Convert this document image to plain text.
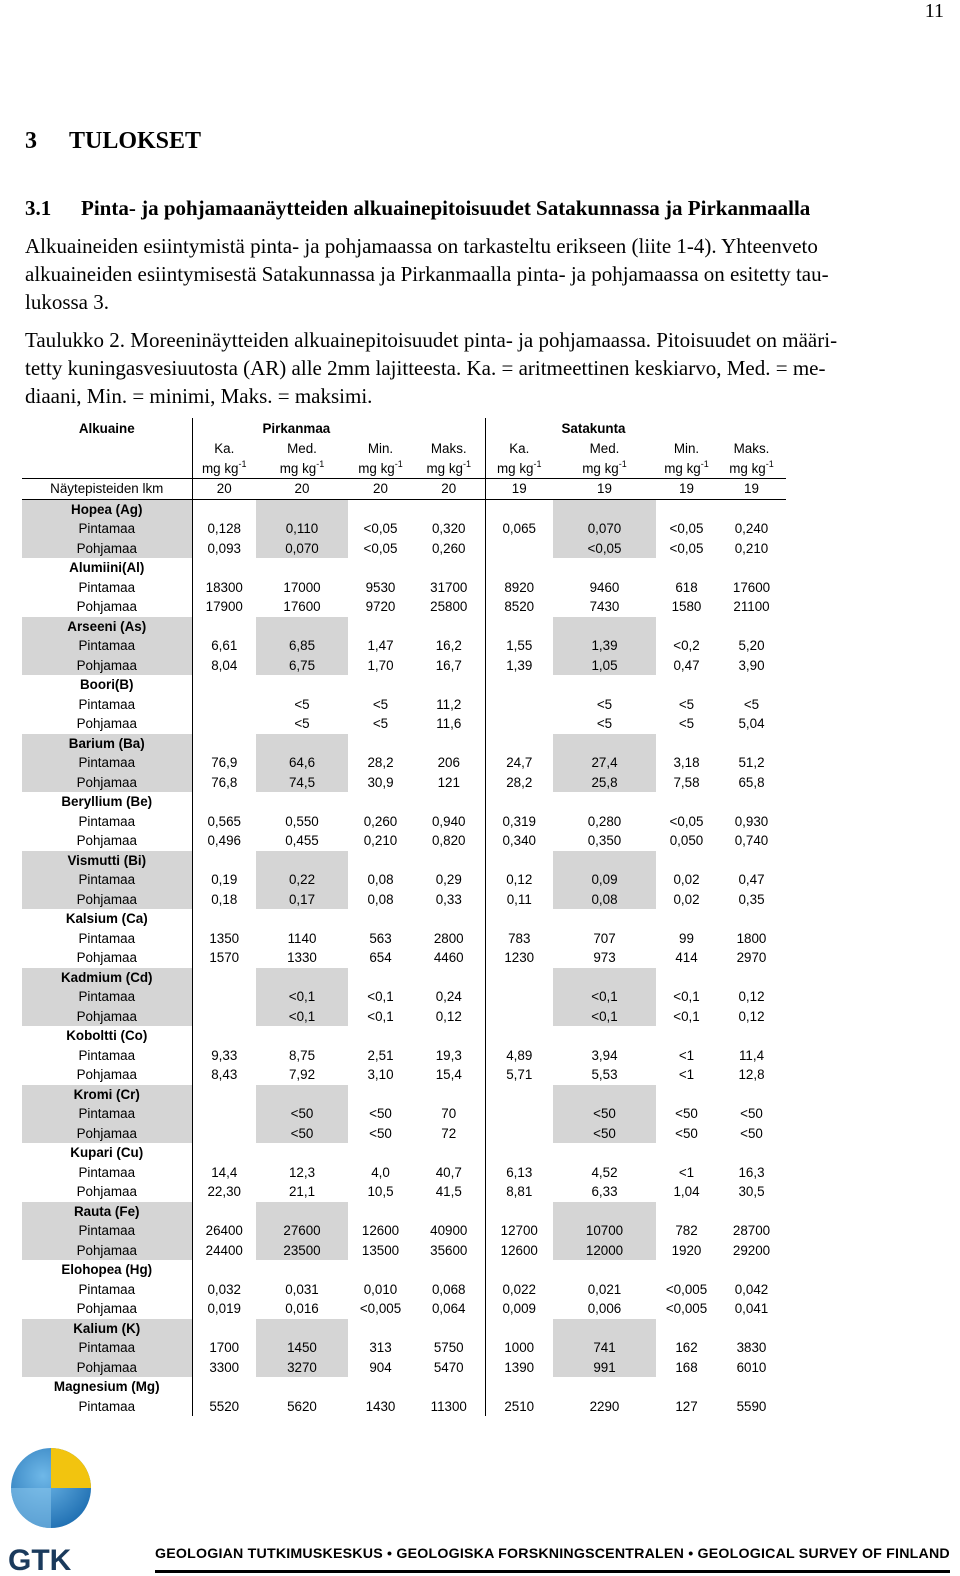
11
3 TULOKSET
3.1 Pinta- ja pohjamaanäytteiden alkuainepitoisuudet Satakunnassa ja Pirkanmaalla
Alkuaineiden esiintymistä pinta- ja pohjamaassa on tarkasteltu erikseen (liite 1-4). Yhteenveto
alkuaineiden esiintymisestä Satakunnassa ja Pirkanmaalla pinta- ja pohjamaassa on esitetty tau-
lukossa 3.
Taulukko 2. Moreeninäytteiden alkuainepitoisuudet pinta- ja pohjamaassa. Pitoisuudet on määri-
tetty kuningasvesiuutosta (AR) alle 2mm lajitteesta. Ka. = aritmeettinen keskiarvo, Med. = me-
diaani, Min. = minimi, Maks. = maksimi.
Alkuaine	Pirkanmaa				Satakunta			
	Ka.	Med.	Min.	Maks.	Ka.	Med.	Min.	Maks.
	mg $kg^{-1}$	mg $kg^{-1}$	mg $kg^{-1}$	mg $kg^{-1}$	mg $kg^{-1}$	mg $kg^{-1}$	mg $kg^{-1}$	mg $kg^{-1}$
Näytepisteiden lkm	20	20	20	20	19	19	19	19
Hopea (Ag)								
Pintamaa	0,128	0,110	<0,05	0,320	0,065	0,070	<0,05	0,240
Pohjamaa	0,093	0,070	<0,05	0,260		<0,05	<0,05	0,210
Alumiini(Al)								
Pintamaa	18300	17000	9530	31700	8920	9460	618	17600
Pohjamaa	17900	17600	9720	25800	8520	7430	1580	21100
Arseeni (As)								
Pintamaa	6,61	6,85	1,47	16,2	1,55	1,39	<0,2	5,20
Pohjamaa	8,04	6,75	1,70	16,7	1,39	1,05	0,47	3,90
Boori(B)								
Pintamaa		<5	<5	11,2		<5	<5	<5
Pohjamaa		<5	<5	11,6		<5	<5	5,04
Barium (Ba)								
Pintamaa	76,9	64,6	28,2	206	24,7	27,4	3,18	51,2
Pohjamaa	76,8	74,5	30,9	121	28,2	25,8	7,58	65,8
Beryllium (Be)								
Pintamaa	0,565	0,550	0,260	0,940	0,319	0,280	<0,05	0,930
Pohjamaa	0,496	0,455	0,210	0,820	0,340	0,350	0,050	0,740
Vismutti (Bi)								
Pintamaa	0,19	0,22	0,08	0,29	0,12	0,09	0,02	0,47
Pohjamaa	0,18	0,17	0,08	0,33	0,11	0,08	0,02	0,35
Kalsium (Ca)								
Pintamaa	1350	1140	563	2800	783	707	99	1800
Pohjamaa	1570	1330	654	4460	1230	973	414	2970
Kadmium (Cd)								
Pintamaa		<0,1	<0,1	0,24		<0,1	<0,1	0,12
Pohjamaa		<0,1	<0,1	0,12		<0,1	<0,1	0,12
Koboltti (Co)								
Pintamaa	9,33	8,75	2,51	19,3	4,89	3,94	<1	11,4
Pohjamaa	8,43	7,92	3,10	15,4	5,71	5,53	<1	12,8
Kromi (Cr)								
Pintamaa		<50	<50	70		<50	<50	<50
Pohjamaa		<50	<50	72		<50	<50	<50
Kupari (Cu)								
Pintamaa	14,4	12,3	4,0	40,7	6,13	4,52	<1	16,3
Pohjamaa	22,30	21,1	10,5	41,5	8,81	6,33	1,04	30,5
Rauta (Fe)								
Pintamaa	26400	27600	12600	40900	12700	10700	782	28700
Pohjamaa	24400	23500	13500	35600	12600	12000	1920	29200
Elohopea (Hg)								
Pintamaa	0,032	0,031	0,010	0,068	0,022	0,021	<0,005	0,042
Pohjamaa	0,019	0,016	<0,005	0,064	0,009	0,006	<0,005	0,041
Kalium (K)								
Pintamaa	1700	1450	313	5750	1000	741	162	3830
Pohjamaa	3300	3270	904	5470	1390	991	168	6010
Magnesium (Mg)								
Pintamaa	5520	5620	1430	11300	2510	2290	127	5590
GTK	GEOLOGIAN TUTKIMUSKESKUS • GEOLOGISKA FORSKNINGSCENTRALEN • GEOLOGICAL SURVEY OF FINLAND
